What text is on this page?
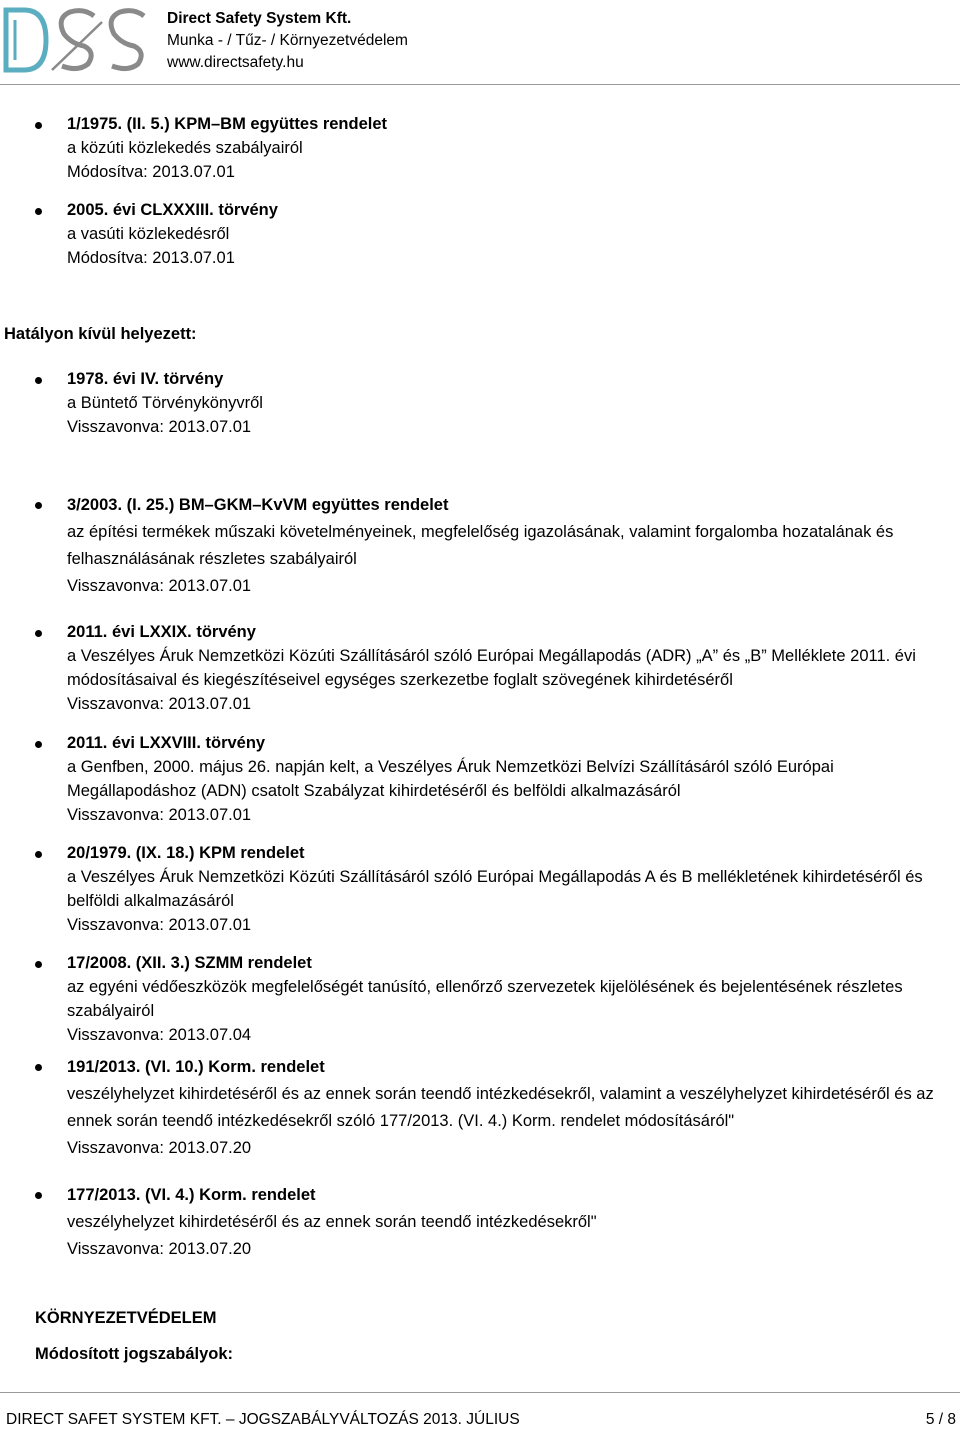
Direct Safety System Kft.
Munka - / Tűz- / Környezetvédelem
www.directsafety.hu
1/1975. (II. 5.) KPM–BM együttes rendelet
a közúti közlekedés szabályairól
Módosítva: 2013.07.01
2005. évi CLXXXIII. törvény
a vasúti közlekedésről
Módosítva: 2013.07.01
Hatályon kívül helyezett:
1978. évi IV. törvény
a Büntető Törvénykönyvről
Visszavonva: 2013.07.01
3/2003. (I. 25.) BM–GKM–KvVM együttes rendelet
az építési termékek műszaki követelményeinek, megfelelőség igazolásának, valamint forgalomba hozatalának és felhasználásának részletes szabályairól
Visszavonva: 2013.07.01
2011. évi LXXIX. törvény
a Veszélyes Áruk Nemzetközi Közúti Szállításáról szóló Európai Megállapodás (ADR) „A” és „B” Melléklete 2011. évi módosításaival és kiegészítéseivel egységes szerkezetbe foglalt szövegének kihirdetéséről
Visszavonva: 2013.07.01
2011. évi LXXVIII. törvény
a Genfben, 2000. május 26. napján kelt, a Veszélyes Áruk Nemzetközi Belvízi Szállításáról szóló Európai Megállapodáshoz (ADN) csatolt Szabályzat kihirdetéséről és belföldi alkalmazásáról
Visszavonva: 2013.07.01
20/1979. (IX. 18.) KPM rendelet
a Veszélyes Áruk Nemzetközi Közúti Szállításáról szóló Európai Megállapodás A és B mellékletének kihirdetéséről és belföldi alkalmazásáról
Visszavonva: 2013.07.01
17/2008. (XII. 3.) SZMM rendelet
az egyéni védőeszközök megfelelőségét tanúsító, ellenőrző szervezetek kijelölésének és bejelentésének részletes szabályairól
Visszavonva: 2013.07.04
191/2013. (VI. 10.) Korm. rendelet
veszélyhelyzet kihirdetéséről és az ennek során teendő intézkedésekről, valamint a veszélyhelyzet kihirdetéséről és az ennek során teendő intézkedésekről szóló 177/2013. (VI. 4.) Korm. rendelet módosításáról"
Visszavonva: 2013.07.20
177/2013. (VI. 4.) Korm. rendelet
veszélyhelyzet kihirdetéséről és az ennek során teendő intézkedésekről"
Visszavonva: 2013.07.20
KÖRNYEZETVÉDELEM
Módosított jogszabályok:
DIRECT SAFET SYSTEM KFT. – JOGSZABÁLYVÁLTOZÁS 2013. JÚLIUS	5 / 8
